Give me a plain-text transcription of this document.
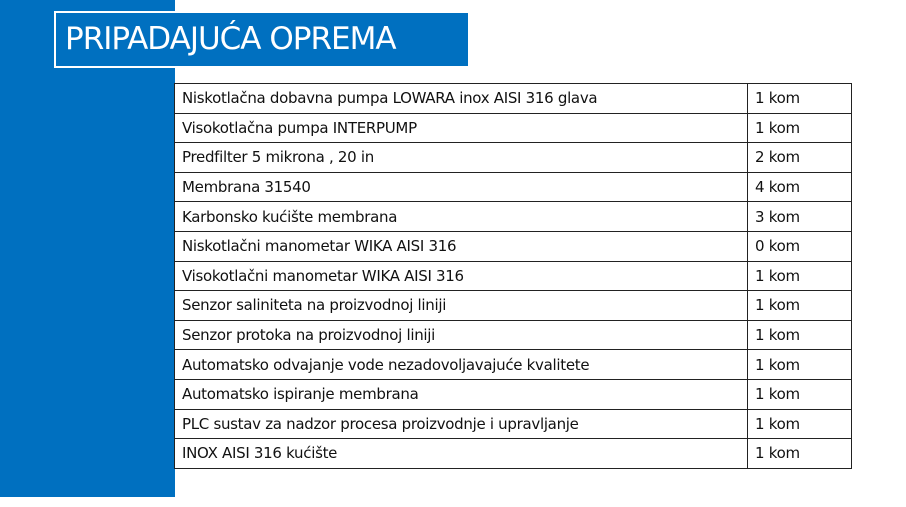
PRIPADAJUĆA OPREMA
Niskotlačna dobavna pumpa LOWARA inox AISI 316 glava	1 kom
Visokotlačna pumpa INTERPUMP	1 kom
Predfilter 5 mikrona , 20 in	2 kom
Membrana 31540	4 kom
Karbonsko kućište membrana	3 kom
Niskotlačni manometar WIKA AISI 316	0 kom
Visokotlačni manometar WIKA AISI 316	1 kom
Senzor saliniteta na proizvodnoj liniji	1 kom
Senzor protoka na proizvodnoj liniji	1 kom
Automatsko odvajanje vode nezadovoljavajuće kvalitete	1 kom
Automatsko ispiranje membrana	1 kom
PLC sustav za nadzor procesa proizvodnje i upravljanje	1 kom
INOX AISI 316 kućište	1 kom
